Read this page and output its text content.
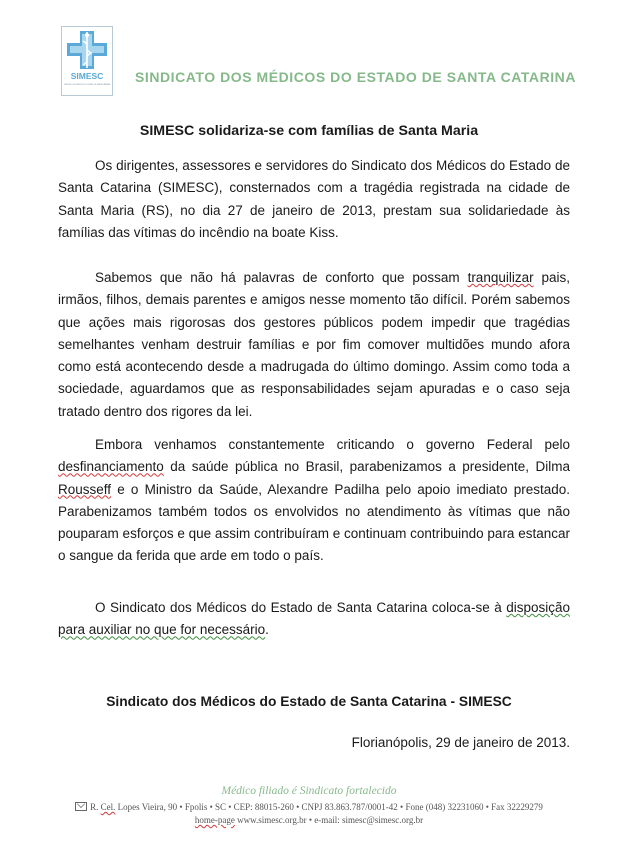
SIMESC
SINDICATO DOS MÉDICOS DO ESTADO DE SANTA CATARINA
SINDICATO DOS MÉDICOS DO ESTADO DE SANTA CATARINA
SIMESC solidariza-se com famílias de Santa Maria

Os dirigentes, assessores e servidores do Sindicato dos Médicos do Estado de Santa Catarina (SIMESC), consternados com a tragédia registrada na cidade de Santa Maria (RS), no dia 27 de janeiro de 2013, prestam sua solidariedade às famílias das vítimas do incêndio na boate Kiss.

Sabemos que não há palavras de conforto que possam tranquilizar pais, irmãos, filhos, demais parentes e amigos nesse momento tão difícil. Porém sabemos que ações mais rigorosas dos gestores públicos podem impedir que tragédias semelhantes venham destruir famílias e por fim comover multidões mundo afora como está acontecendo desde a madrugada do último domingo. Assim como toda a sociedade, aguardamos que as responsabilidades sejam apuradas e o caso seja tratado dentro dos rigores da lei.

Embora venhamos constantemente criticando o governo Federal pelo desfinanciamento da saúde pública no Brasil, parabenizamos a presidente, Dilma Rousseff e o Ministro da Saúde, Alexandre Padilha pelo apoio imediato prestado. Parabenizamos também todos os envolvidos no atendimento às vítimas que não pouparam esforços e que assim contribuíram e continuam contribuindo para estancar o sangue da ferida que arde em todo o país.

O Sindicato dos Médicos do Estado de Santa Catarina coloca-se à disposição para auxiliar no que for necessário.

Sindicato dos Médicos do Estado de Santa Catarina - SIMESC
Florianópolis, 29 de janeiro de 2013.
Médico filiado é Sindicato fortalecido
R. Cel. Lopes Vieira, 90 • Fpolis • SC • CEP: 88015-260 • CNPJ 83.863.787/0001-42 • Fone (048) 32231060 • Fax 32229279
home-page www.simesc.org.br • e-mail: simesc@simesc.org.br
